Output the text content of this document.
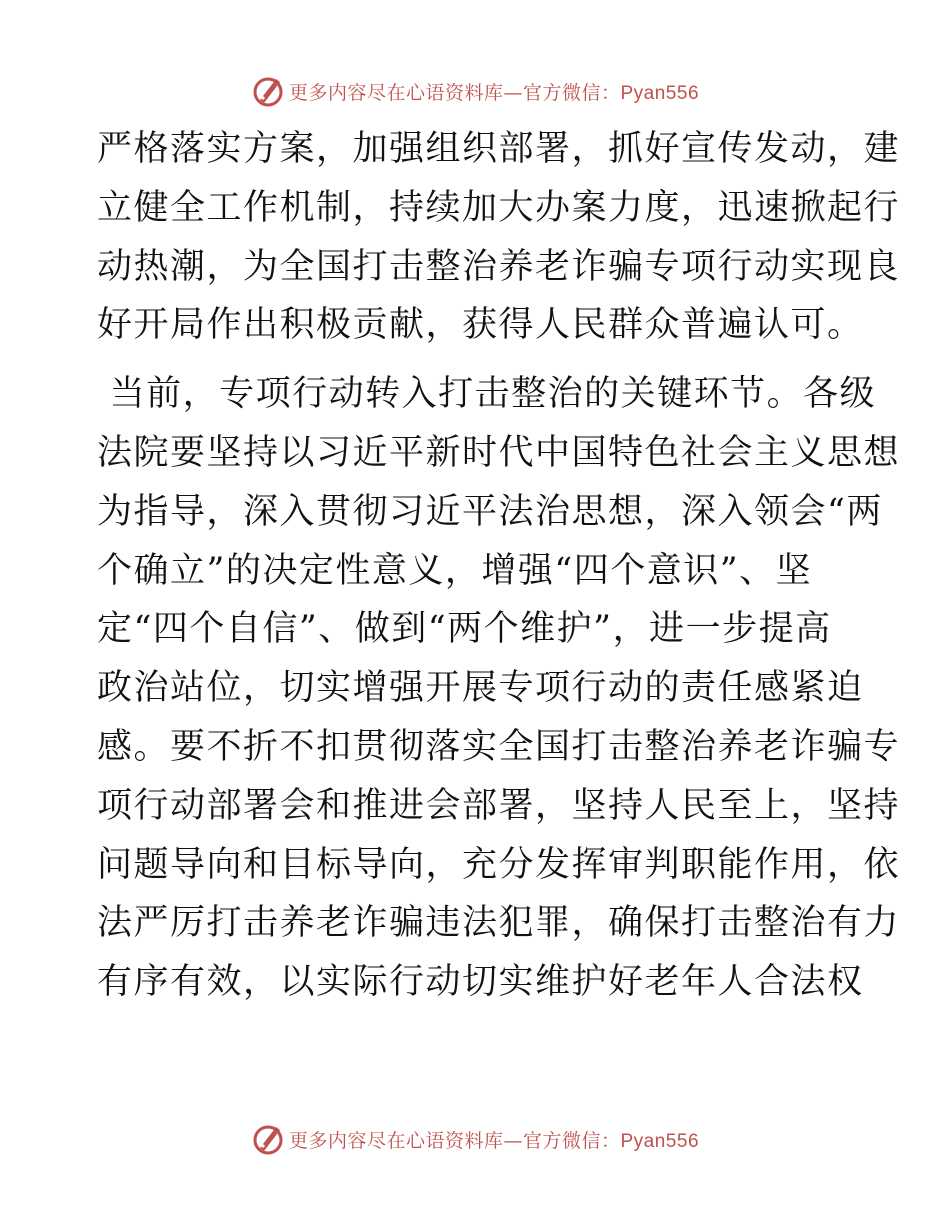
更多内容尽在心语资料库—官方微信：Pyan556
严格落实方案，加强组织部署，抓好宣传发动，建
立健全工作机制，持续加大办案力度，迅速掀起行
动热潮，为全国打击整治养老诈骗专项行动实现良
好开局作出积极贡献，获得人民群众普遍认可。
当前，专项行动转入打击整治的关键环节。各级
法院要坚持以习近平新时代中国特色社会主义思想
为指导，深入贯彻习近平法治思想，深入领会“两
个确立”的决定性意义，增强“四个意识”、坚
定“四个自信”、做到“两个维护”，进一步提高
政治站位，切实增强开展专项行动的责任感紧迫
感。要不折不扣贯彻落实全国打击整治养老诈骗专
项行动部署会和推进会部署，坚持人民至上，坚持
问题导向和目标导向，充分发挥审判职能作用，依
法严厉打击养老诈骗违法犯罪，确保打击整治有力
有序有效，以实际行动切实维护好老年人合法权
更多内容尽在心语资料库—官方微信：Pyan556
